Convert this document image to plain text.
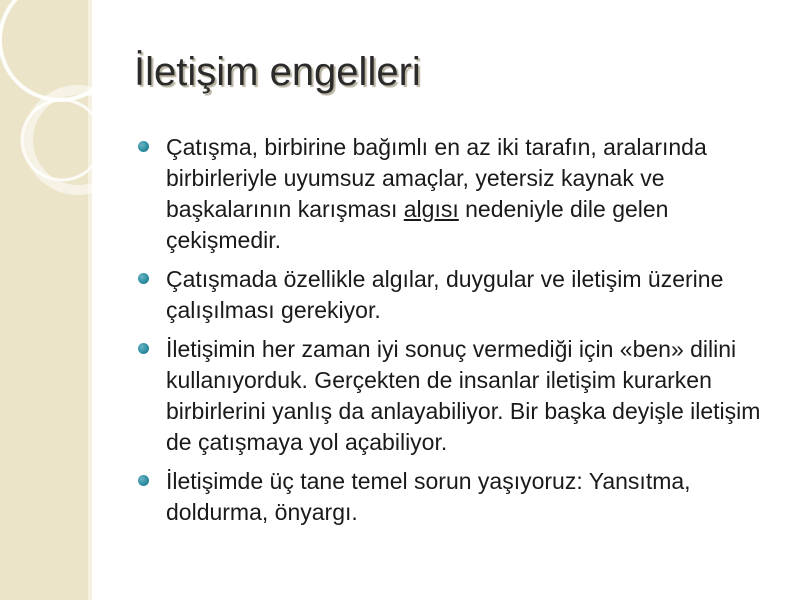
İletişim engelleri
Çatışma, birbirine bağımlı en az iki tarafın, aralarında birbirleriyle uyumsuz amaçlar, yetersiz kaynak ve başkalarının karışması algısı nedeniyle dile gelen çekişmedir.
Çatışmada özellikle algılar, duygular ve iletişim üzerine çalışılması gerekiyor.
İletişimin her zaman iyi sonuç vermediği için «ben» dilini kullanıyorduk. Gerçekten de insanlar iletişim kurarken birbirlerini yanlış da anlayabiliyor. Bir başka deyişle iletişim de çatışmaya yol açabiliyor.
İletişimde üç tane temel sorun yaşıyoruz: Yansıtma, doldurma, önyargı.
